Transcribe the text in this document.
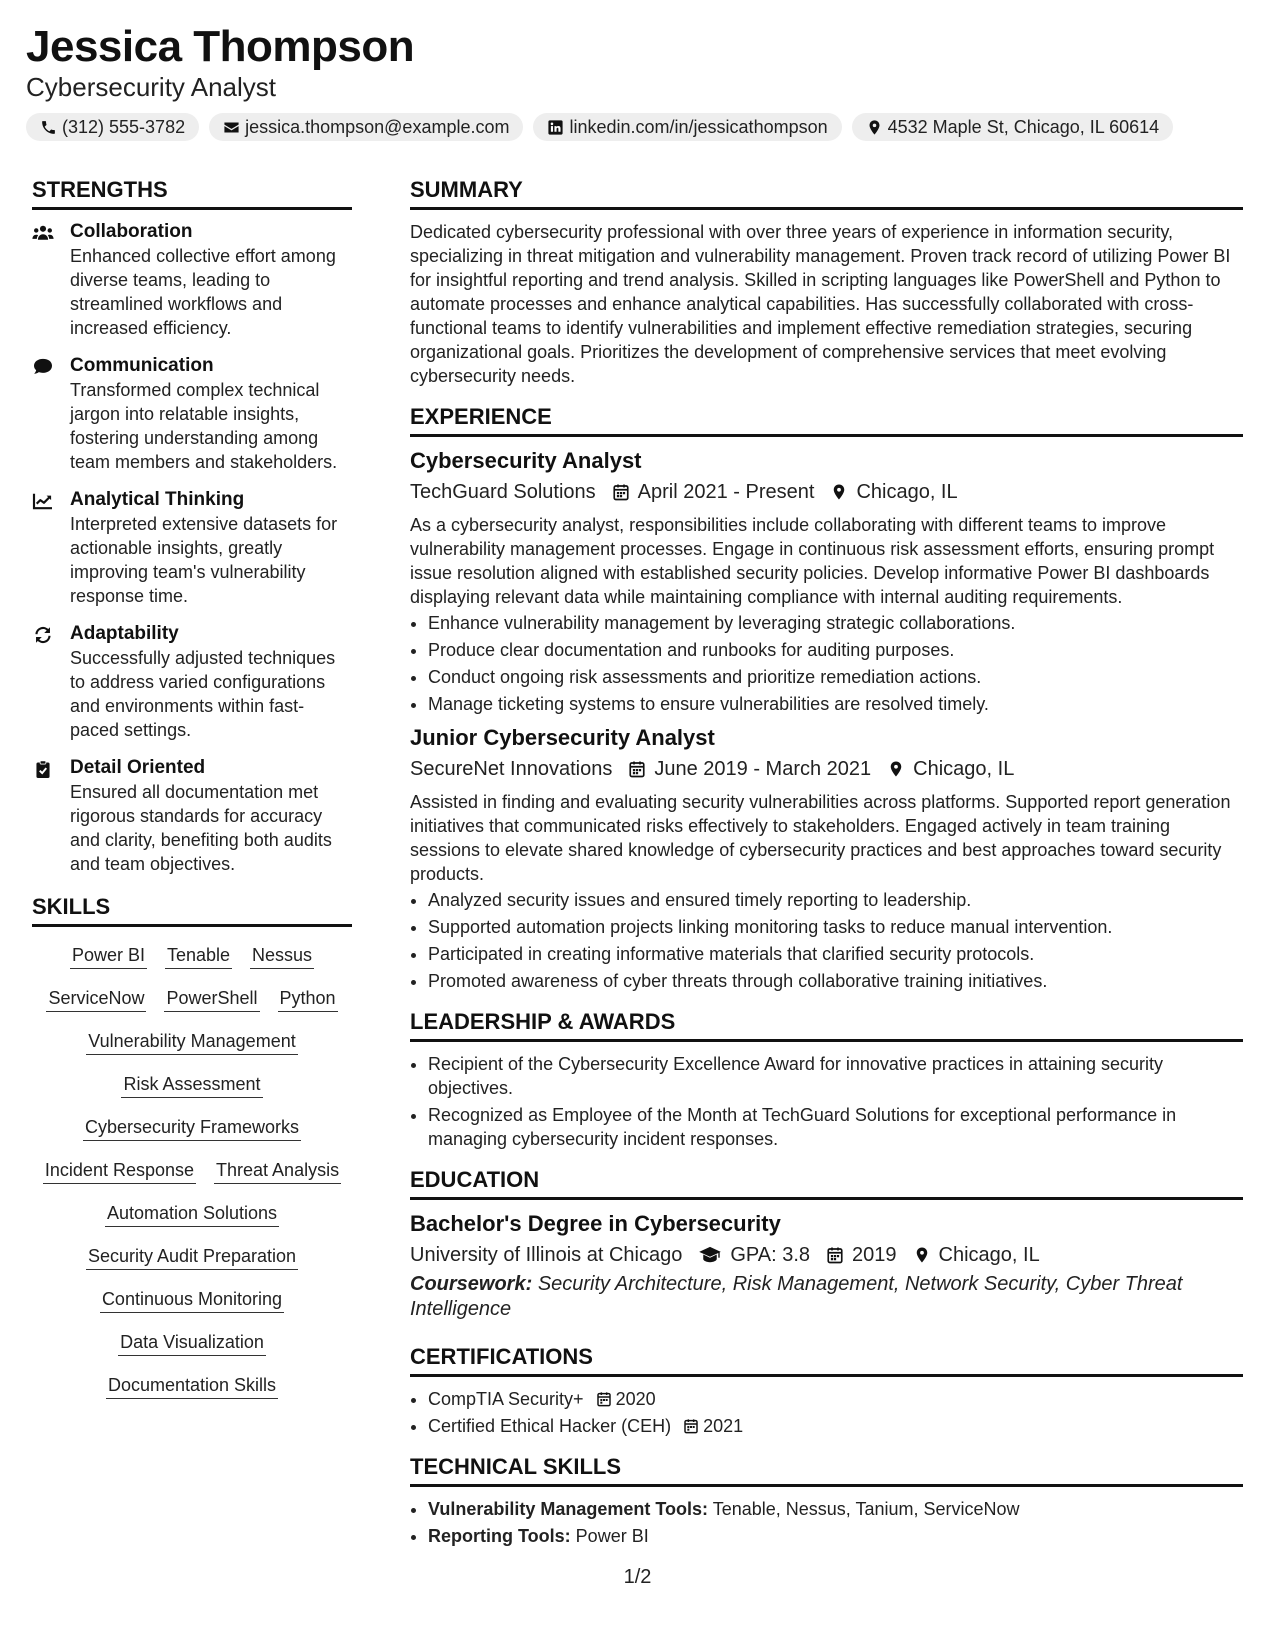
Jessica Thompson
Cybersecurity Analyst
(312) 555-3782	jessica.thompson@example.com	linkedin.com/in/jessicathompson	4532 Maple St, Chicago, IL 60614
STRENGTHS
Collaboration
Enhanced collective effort among diverse teams, leading to streamlined workflows and increased efficiency.
Communication
Transformed complex technical jargon into relatable insights, fostering understanding among team members and stakeholders.
Analytical Thinking
Interpreted extensive datasets for actionable insights, greatly improving team's vulnerability response time.
Adaptability
Successfully adjusted techniques to address varied configurations and environments within fast-paced settings.
Detail Oriented
Ensured all documentation met rigorous standards for accuracy and clarity, benefiting both audits and team objectives.
SKILLS
Power BI Tenable Nessus
ServiceNow PowerShell Python
Vulnerability Management
Risk Assessment
Cybersecurity Frameworks
Incident Response Threat Analysis
Automation Solutions
Security Audit Preparation
Continuous Monitoring
Data Visualization
Documentation Skills
SUMMARY
Dedicated cybersecurity professional with over three years of experience in information security, specializing in threat mitigation and vulnerability management. Proven track record of utilizing Power BI for insightful reporting and trend analysis. Skilled in scripting languages like PowerShell and Python to automate processes and enhance analytical capabilities. Has successfully collaborated with cross-functional teams to identify vulnerabilities and implement effective remediation strategies, securing organizational goals. Prioritizes the development of comprehensive services that meet evolving cybersecurity needs.
EXPERIENCE
Cybersecurity Analyst
TechGuard Solutions April 2021 - Present Chicago, IL
As a cybersecurity analyst, responsibilities include collaborating with different teams to improve vulnerability management processes. Engage in continuous risk assessment efforts, ensuring prompt issue resolution aligned with established security policies. Develop informative Power BI dashboards displaying relevant data while maintaining compliance with internal auditing requirements.
• Enhance vulnerability management by leveraging strategic collaborations.
• Produce clear documentation and runbooks for auditing purposes.
• Conduct ongoing risk assessments and prioritize remediation actions.
• Manage ticketing systems to ensure vulnerabilities are resolved timely.
Junior Cybersecurity Analyst
SecureNet Innovations June 2019 - March 2021 Chicago, IL
Assisted in finding and evaluating security vulnerabilities across platforms. Supported report generation initiatives that communicated risks effectively to stakeholders. Engaged actively in team training sessions to elevate shared knowledge of cybersecurity practices and best approaches toward security products.
• Analyzed security issues and ensured timely reporting to leadership.
• Supported automation projects linking monitoring tasks to reduce manual intervention.
• Participated in creating informative materials that clarified security protocols.
• Promoted awareness of cyber threats through collaborative training initiatives.
LEADERSHIP & AWARDS
• Recipient of the Cybersecurity Excellence Award for innovative practices in attaining security objectives.
• Recognized as Employee of the Month at TechGuard Solutions for exceptional performance in managing cybersecurity incident responses.
EDUCATION
Bachelor's Degree in Cybersecurity
University of Illinois at Chicago GPA: 3.8 2019 Chicago, IL
Coursework: Security Architecture, Risk Management, Network Security, Cyber Threat Intelligence
CERTIFICATIONS
• CompTIA Security+ 2020
• Certified Ethical Hacker (CEH) 2021
TECHNICAL SKILLS
• Vulnerability Management Tools: Tenable, Nessus, Tanium, ServiceNow
• Reporting Tools: Power BI
1/2
